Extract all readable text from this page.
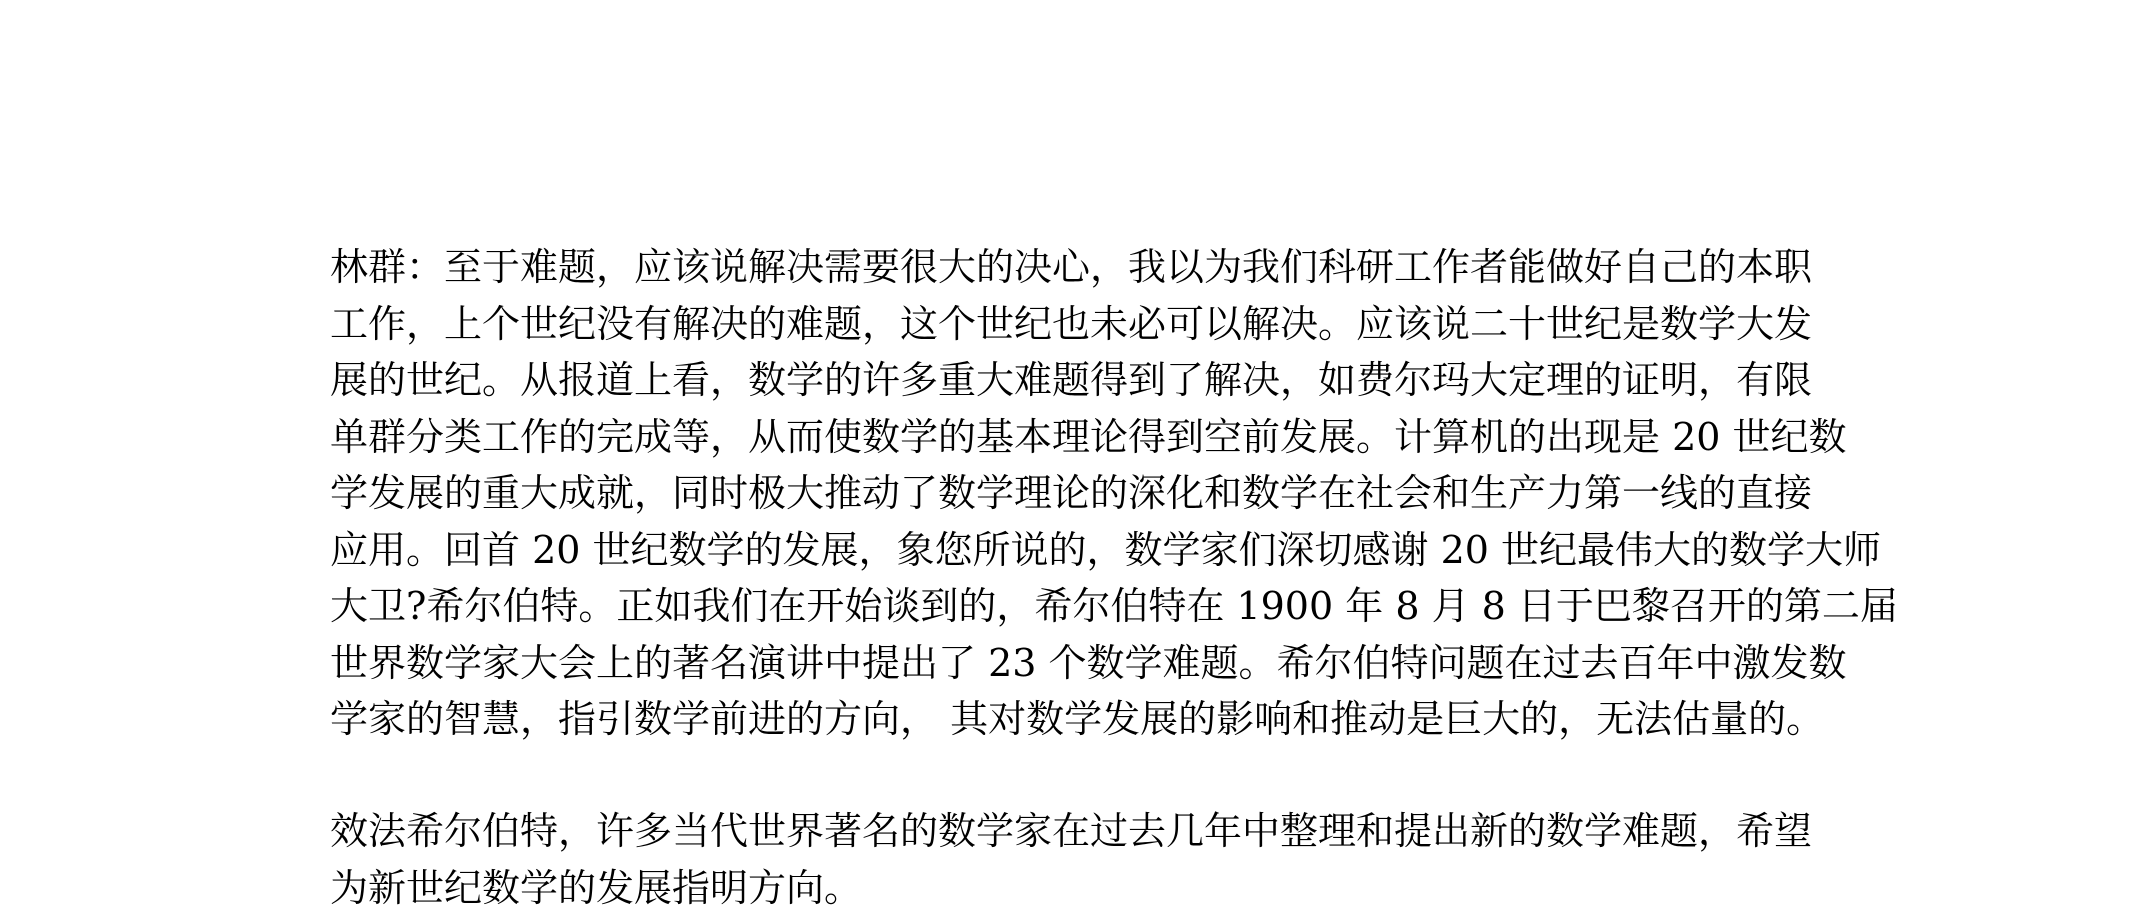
林群：至于难题，应该说解决需要很大的决心，我以为我们科研工作者能做好自己的本职
工作，上个世纪没有解决的难题，这个世纪也未必可以解决。应该说二十世纪是数学大发
展的世纪。从报道上看，数学的许多重大难题得到了解决，如费尔玛大定理的证明，有限
单群分类工作的完成等，从而使数学的基本理论得到空前发展。计算机的出现是 20 世纪数
学发展的重大成就，同时极大推动了数学理论的深化和数学在社会和生产力第一线的直接
应用。回首 20 世纪数学的发展，象您所说的，数学家们深切感谢 20 世纪最伟大的数学大师
大卫?希尔伯特。正如我们在开始谈到的，希尔伯特在 1900 年 8 月 8 日于巴黎召开的第二届
世界数学家大会上的著名演讲中提出了 23 个数学难题。希尔伯特问题在过去百年中激发数
学家的智慧，指引数学前进的方向， 其对数学发展的影响和推动是巨大的，无法估量的。
效法希尔伯特，许多当代世界著名的数学家在过去几年中整理和提出新的数学难题，希望
为新世纪数学的发展指明方向。
